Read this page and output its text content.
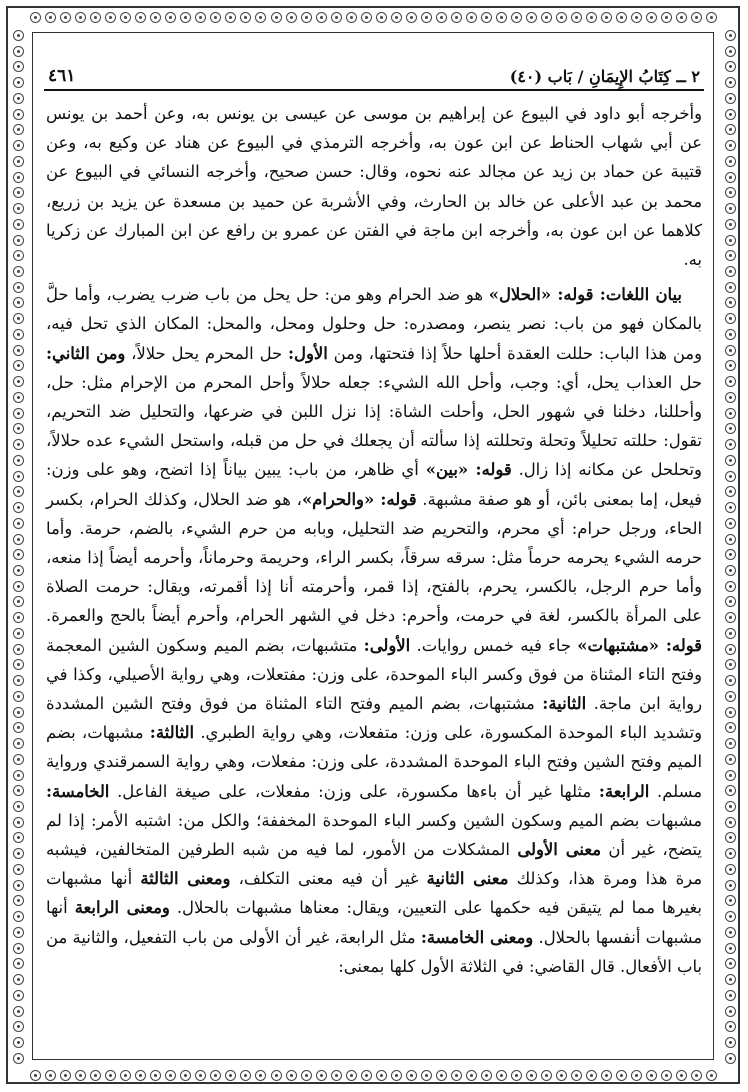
٢ ــ كِتَابُ الإِيمَانِ / بَاب (٤٠)
٤٦١

وأخرجه أبو داود في البيوع عن إبراهيم بن موسى عن عيسى بن يونس به، وعن أحمد بن يونس عن أبي شهاب الحناط عن ابن عون به، وأخرجه الترمذي في البيوع عن هناد عن وكيع به، وعن قتيبة عن حماد بن زيد عن مجالد عنه نحوه، وقال: حسن صحيح، وأخرجه النسائي في البيوع عن محمد بن عبد الأعلى عن خالد بن الحارث، وفي الأشربة عن حميد بن مسعدة عن يزيد بن زريع، كلاهما عن ابن عون به، وأخرجه ابن ماجة في الفتن عن عمرو بن رافع عن ابن المبارك عن زكريا به.

بيان اللغات: قوله: «الحلال» هو ضد الحرام وهو من: حل يحل من باب ضرب يضرب، وأما حلَّ بالمكان فهو من باب: نصر ينصر، ومصدره: حل وحلول ومحل، والمحل: المكان الذي تحل فيه، ومن هذا الباب: حللت العقدة أحلها حلاً إذا فتحتها، ومن الأول: حل المحرم يحل حلالاً، ومن الثاني: حل العذاب يحل، أي: وجب، وأحل الله الشيء: جعله حلالاً وأحل المحرم من الإحرام مثل: حل، وأحللنا، دخلنا في شهور الحل، وأحلت الشاة: إذا نزل اللبن في ضرعها، والتحليل ضد التحريم، تقول: حللته تحليلاً وتحلة وتحللته إذا سألته أن يجعلك في حل من قبله، واستحل الشيء عده حلالاً، وتحلحل عن مكانه إذا زال. قوله: «بين» أي ظاهر، من باب: يبين بياناً إذا اتضح، وهو على وزن: فيعل، إما بمعنى بائن، أو هو صفة مشبهة. قوله: «والحرام»، هو ضد الحلال، وكذلك الحرام، بكسر الحاء، ورجل حرام: أي محرم، والتحريم ضد التحليل، وبابه من حرم الشيء، بالضم، حرمة. وأما حرمه الشيء يحرمه حرماً مثل: سرقه سرقاً، بكسر الراء، وحريمة وحرماناً، وأحرمه أيضاً إذا منعه، وأما حرم الرجل، بالكسر، يحرم، بالفتح، إذا قمر، وأحرمته أنا إذا أقمرته، ويقال: حرمت الصلاة على المرأة بالكسر، لغة في حرمت، وأحرم: دخل في الشهر الحرام، وأحرم أيضاً بالحج والعمرة. قوله: «مشتبهات» جاء فيه خمس روايات. الأولى: متشبهات، بضم الميم وسكون الشين المعجمة وفتح التاء المثناة من فوق وكسر الباء الموحدة، على وزن: مفتعلات، وهي رواية الأصيلي، وكذا في رواية ابن ماجة. الثانية: مشتبهات، بضم الميم وفتح التاء المثناة من فوق وفتح الشين المشددة وتشديد الباء الموحدة المكسورة، على وزن: متفعلات، وهي رواية الطبري. الثالثة: مشبهات، بضم الميم وفتح الشين وفتح الباء الموحدة المشددة، على وزن: مفعلات، وهي رواية السمرقندي ورواية مسلم. الرابعة: مثلها غير أن باءها مكسورة، على وزن: مفعلات، على صيغة الفاعل. الخامسة: مشبهات بضم الميم وسكون الشين وكسر الباء الموحدة المخففة؛ والكل من: اشتبه الأمر: إذا لم يتضح، غير أن معنى الأولى المشكلات من الأمور، لما فيه من شبه الطرفين المتخالفين، فيشبه مرة هذا ومرة هذا، وكذلك معنى الثانية غير أن فيه معنى التكلف، ومعنى الثالثة أنها مشبهات بغيرها مما لم يتيقن فيه حكمها على التعيين، ويقال: معناها مشبهات بالحلال. ومعنى الرابعة أنها مشبهات أنفسها بالحلال. ومعنى الخامسة: مثل الرابعة، غير أن الأولى من باب التفعيل، والثانية من باب الأفعال. قال القاضي: في الثلاثة الأول كلها بمعنى:
